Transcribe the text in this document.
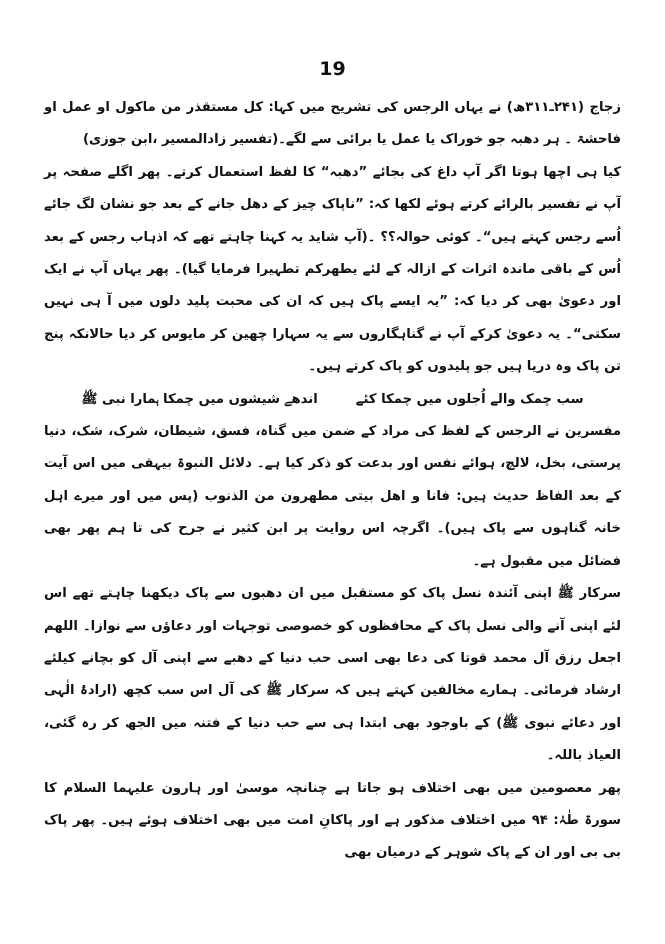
19

زجاج (۲۴۱ـ۳۱۱ھ) نے یہاں الرجس کی تشریح میں کہا: کل مستقذر من ماکول او عمل او فاحشۃ ۔ ہر دھبہ جو خوراک یا عمل یا برائی سے لگے۔(تفسیر زادالمسیر ،ابن جوزی)

کیا ہی اچھا ہوتا اگر آپ داغ کی بجائے ”دھبہ“ کا لفظ استعمال کرتے۔ پھر اگلے صفحہ پر آپ نے تفسیر بالرائے کرتے ہوئے لکھا کہ: ”ناپاک چیز کے دھل جانے کے بعد جو نشان لگ جائے اُسے رجس کہتے ہیں“۔ کوئی حوالہ؟؟ ۔(آپ شاید یہ کہنا چاہتے تھے کہ اذہاب رجس کے بعد اُس کے باقی ماندہ اثرات کے ازالہ کے لئے یطھرکم تطہیرا فرمایا گیا)۔ پھر یہاں آپ نے ایک اور دعویٰ بھی کر دیا کہ: ”یہ ایسے پاک ہیں کہ ان کی محبت پلید دلوں میں آ ہی نہیں سکتی“۔ یہ دعویٰ کرکے آپ نے گناہگاروں سے یہ سہارا چھین کر مایوس کر دیا حالانکہ پنج تن پاک وہ دریا ہیں جو پلیدوں کو پاک کرتے ہیں۔

سب چمک والے اُجلوں میں چمکا کئے
اندھے شیشوں میں چمکا ہمارا نبی ﷺ

مفسرین نے الرجس کے لفظ کی مراد کے ضمن میں گناہ، فسق، شیطان، شرک، شک، دنیا پرستی، بخل، لالچ، ہوائے نفس اور بدعت کو ذکر کیا ہے۔ دلائل النبوۃ بیہقی میں اس آیت کے بعد الفاظ حدیث ہیں: فانا و اھل بیتی مطھرون من الذنوب (پس میں اور میرے اہل خانہ گناہوں سے پاک ہیں)۔ اگرچہ اس روایت پر ابن کثیر نے جرح کی تا ہم پھر بھی فضائل میں مقبول ہے۔

سرکار ﷺ اپنی آئندہ نسل پاک کو مستقبل میں ان دھبوں سے پاک دیکھنا چاہتے تھے اس لئے اپنی آنے والی نسل پاک کے محافظوں کو خصوصی توجہات اور دعاؤں سے نوازا۔ اللھم اجعل رزق آل محمد قوتا کی دعا بھی اسی حب دنیا کے دھبے سے اپنی آل کو بچانے کیلئے ارشاد فرمائی۔ ہمارے مخالفین کہتے ہیں کہ سرکار ﷺ کی آل اس سب کچھ (ارادۂ الٰہی اور دعائے نبوی ﷺ) کے باوجود بھی ابتدا ہی سے حب دنیا کے فتنہ میں الجھ کر رہ گئی، العیاذ باللہ۔

پھر معصومین میں بھی اختلاف ہو جاتا ہے چنانچہ موسیٰ اور ہارون علیہما السلام کا سورۃ طٰہٰ: ۹۴ میں اختلاف مذکور ہے اور پاکانِ امت میں بھی اختلاف ہوئے ہیں۔ پھر پاک بی بی اور ان کے پاک شوہر کے درمیان بھی
